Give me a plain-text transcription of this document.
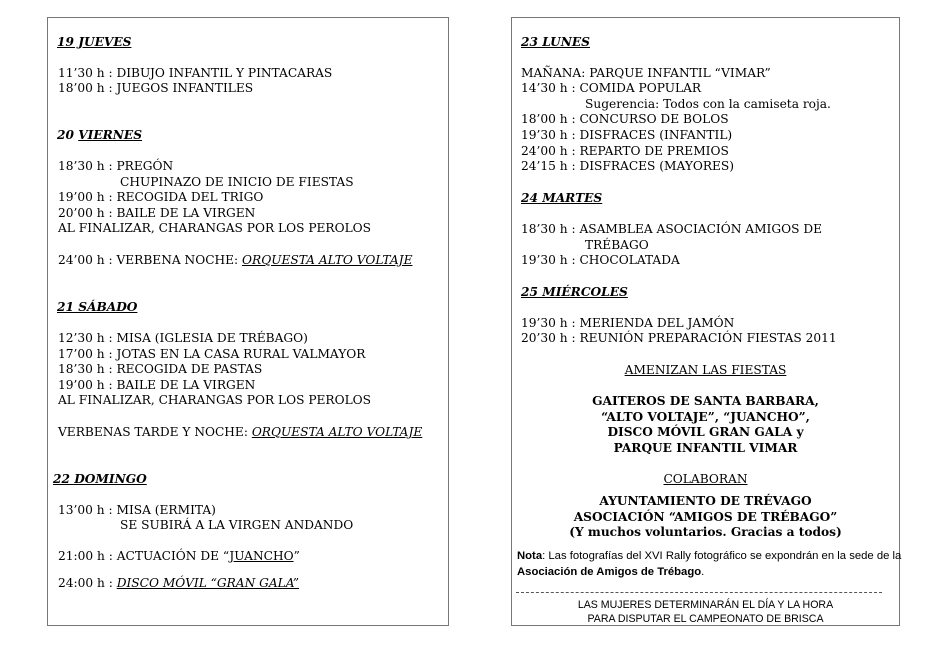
19 JUEVES
11’30 h : DIBUJO INFANTIL Y PINTACARAS
18’00 h : JUEGOS INFANTILES
20 VIERNES
18’30 h : PREGÓN
CHUPINAZO DE INICIO DE FIESTAS
19’00 h : RECOGIDA DEL TRIGO
20’00 h : BAILE DE LA VIRGEN
AL FINALIZAR, CHARANGAS POR LOS PEROLOS
24’00 h : VERBENA NOCHE: ORQUESTA ALTO VOLTAJE
21 SÁBADO
12’30 h : MISA (IGLESIA DE TRÉBAGO)
17’00 h : JOTAS EN LA CASA RURAL VALMAYOR
18’30 h : RECOGIDA DE PASTAS
19’00 h : BAILE DE LA VIRGEN
AL FINALIZAR, CHARANGAS POR LOS PEROLOS
VERBENAS TARDE Y NOCHE: ORQUESTA ALTO VOLTAJE
22 DOMINGO
13’00 h : MISA (ERMITA)
SE SUBIRÁ A LA VIRGEN ANDANDO
21:00 h : ACTUACIÓN DE “JUANCHO”
24:00 h : DISCO MÓVIL “GRAN GALA”
23 LUNES
MAÑANA: PARQUE INFANTIL “VIMAR”
14’30 h : COMIDA POPULAR
Sugerencia: Todos con la camiseta roja.
18’00 h : CONCURSO DE BOLOS
19’30 h : DISFRACES (INFANTIL)
24’00 h : REPARTO DE PREMIOS
24’15 h : DISFRACES (MAYORES)
24 MARTES
18’30 h : ASAMBLEA ASOCIACIÓN AMIGOS DE
TRÉBAGO
19’30 h : CHOCOLATADA
25 MIÉRCOLES
19’30 h : MERIENDA DEL JAMÓN
20’30 h : REUNIÓN PREPARACIÓN FIESTAS 2011
AMENIZAN LAS FIESTAS
GAITEROS DE SANTA BARBARA,
“ALTO VOLTAJE”, “JUANCHO”,
DISCO MÓVIL GRAN GALA y
PARQUE INFANTIL VIMAR
COLABORAN
AYUNTAMIENTO DE TRÉVAGO
ASOCIACIÓN “AMIGOS DE TRÉBAGO”
(Y muchos voluntarios. Gracias a todos)
Nota: Las fotografías del XVI Rally fotográfico se expondrán en la sede de la Asociación de Amigos de Trébago.
LAS MUJERES DETERMINARÁN EL DÍA Y LA HORA
PARA DISPUTAR EL CAMPEONATO DE BRISCA
